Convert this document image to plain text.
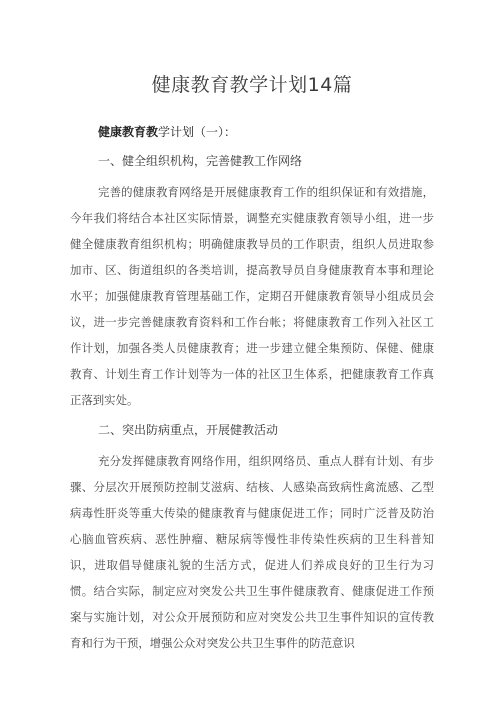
健康教育教学计划14篇
健康教育教学计划（一）：
一、健全组织机构，完善健教工作网络

完善的健康教育网络是开展健康教育工作的组织保证和有效措施，今年我们将结合本社区实际情景，调整充实健康教育领导小组，进一步健全健康教育组织机构；明确健康教导员的工作职责，组织人员进取参加市、区、街道组织的各类培训，提高教导员自身健康教育本事和理论水平；加强健康教育管理基础工作，定期召开健康教育领导小组成员会议，进一步完善健康教育资料和工作台帐；将健康教育工作列入社区工作计划，加强各类人员健康教育；进一步建立健全集预防、保健、健康教育、计划生育工作计划等为一体的社区卫生体系，把健康教育工作真正落到实处。

二、突出防病重点，开展健教活动

充分发挥健康教育网络作用，组织网络员、重点人群有计划、有步骤、分层次开展预防控制艾滋病、结核、人感染高致病性禽流感、乙型病毒性肝炎等重大传染的健康教育与健康促进工作；同时广泛普及防治心脑血管疾病、恶性肿瘤、糖尿病等慢性非传染性疾病的卫生科普知识，进取倡导健康礼貌的生活方式，促进人们养成良好的卫生行为习惯。结合实际，制定应对突发公共卫生事件健康教育、健康促进工作预案与实施计划，对公众开展预防和应对突发公共卫生事件知识的宣传教育和行为干预，增强公众对突发公共卫生事件的防范意识
